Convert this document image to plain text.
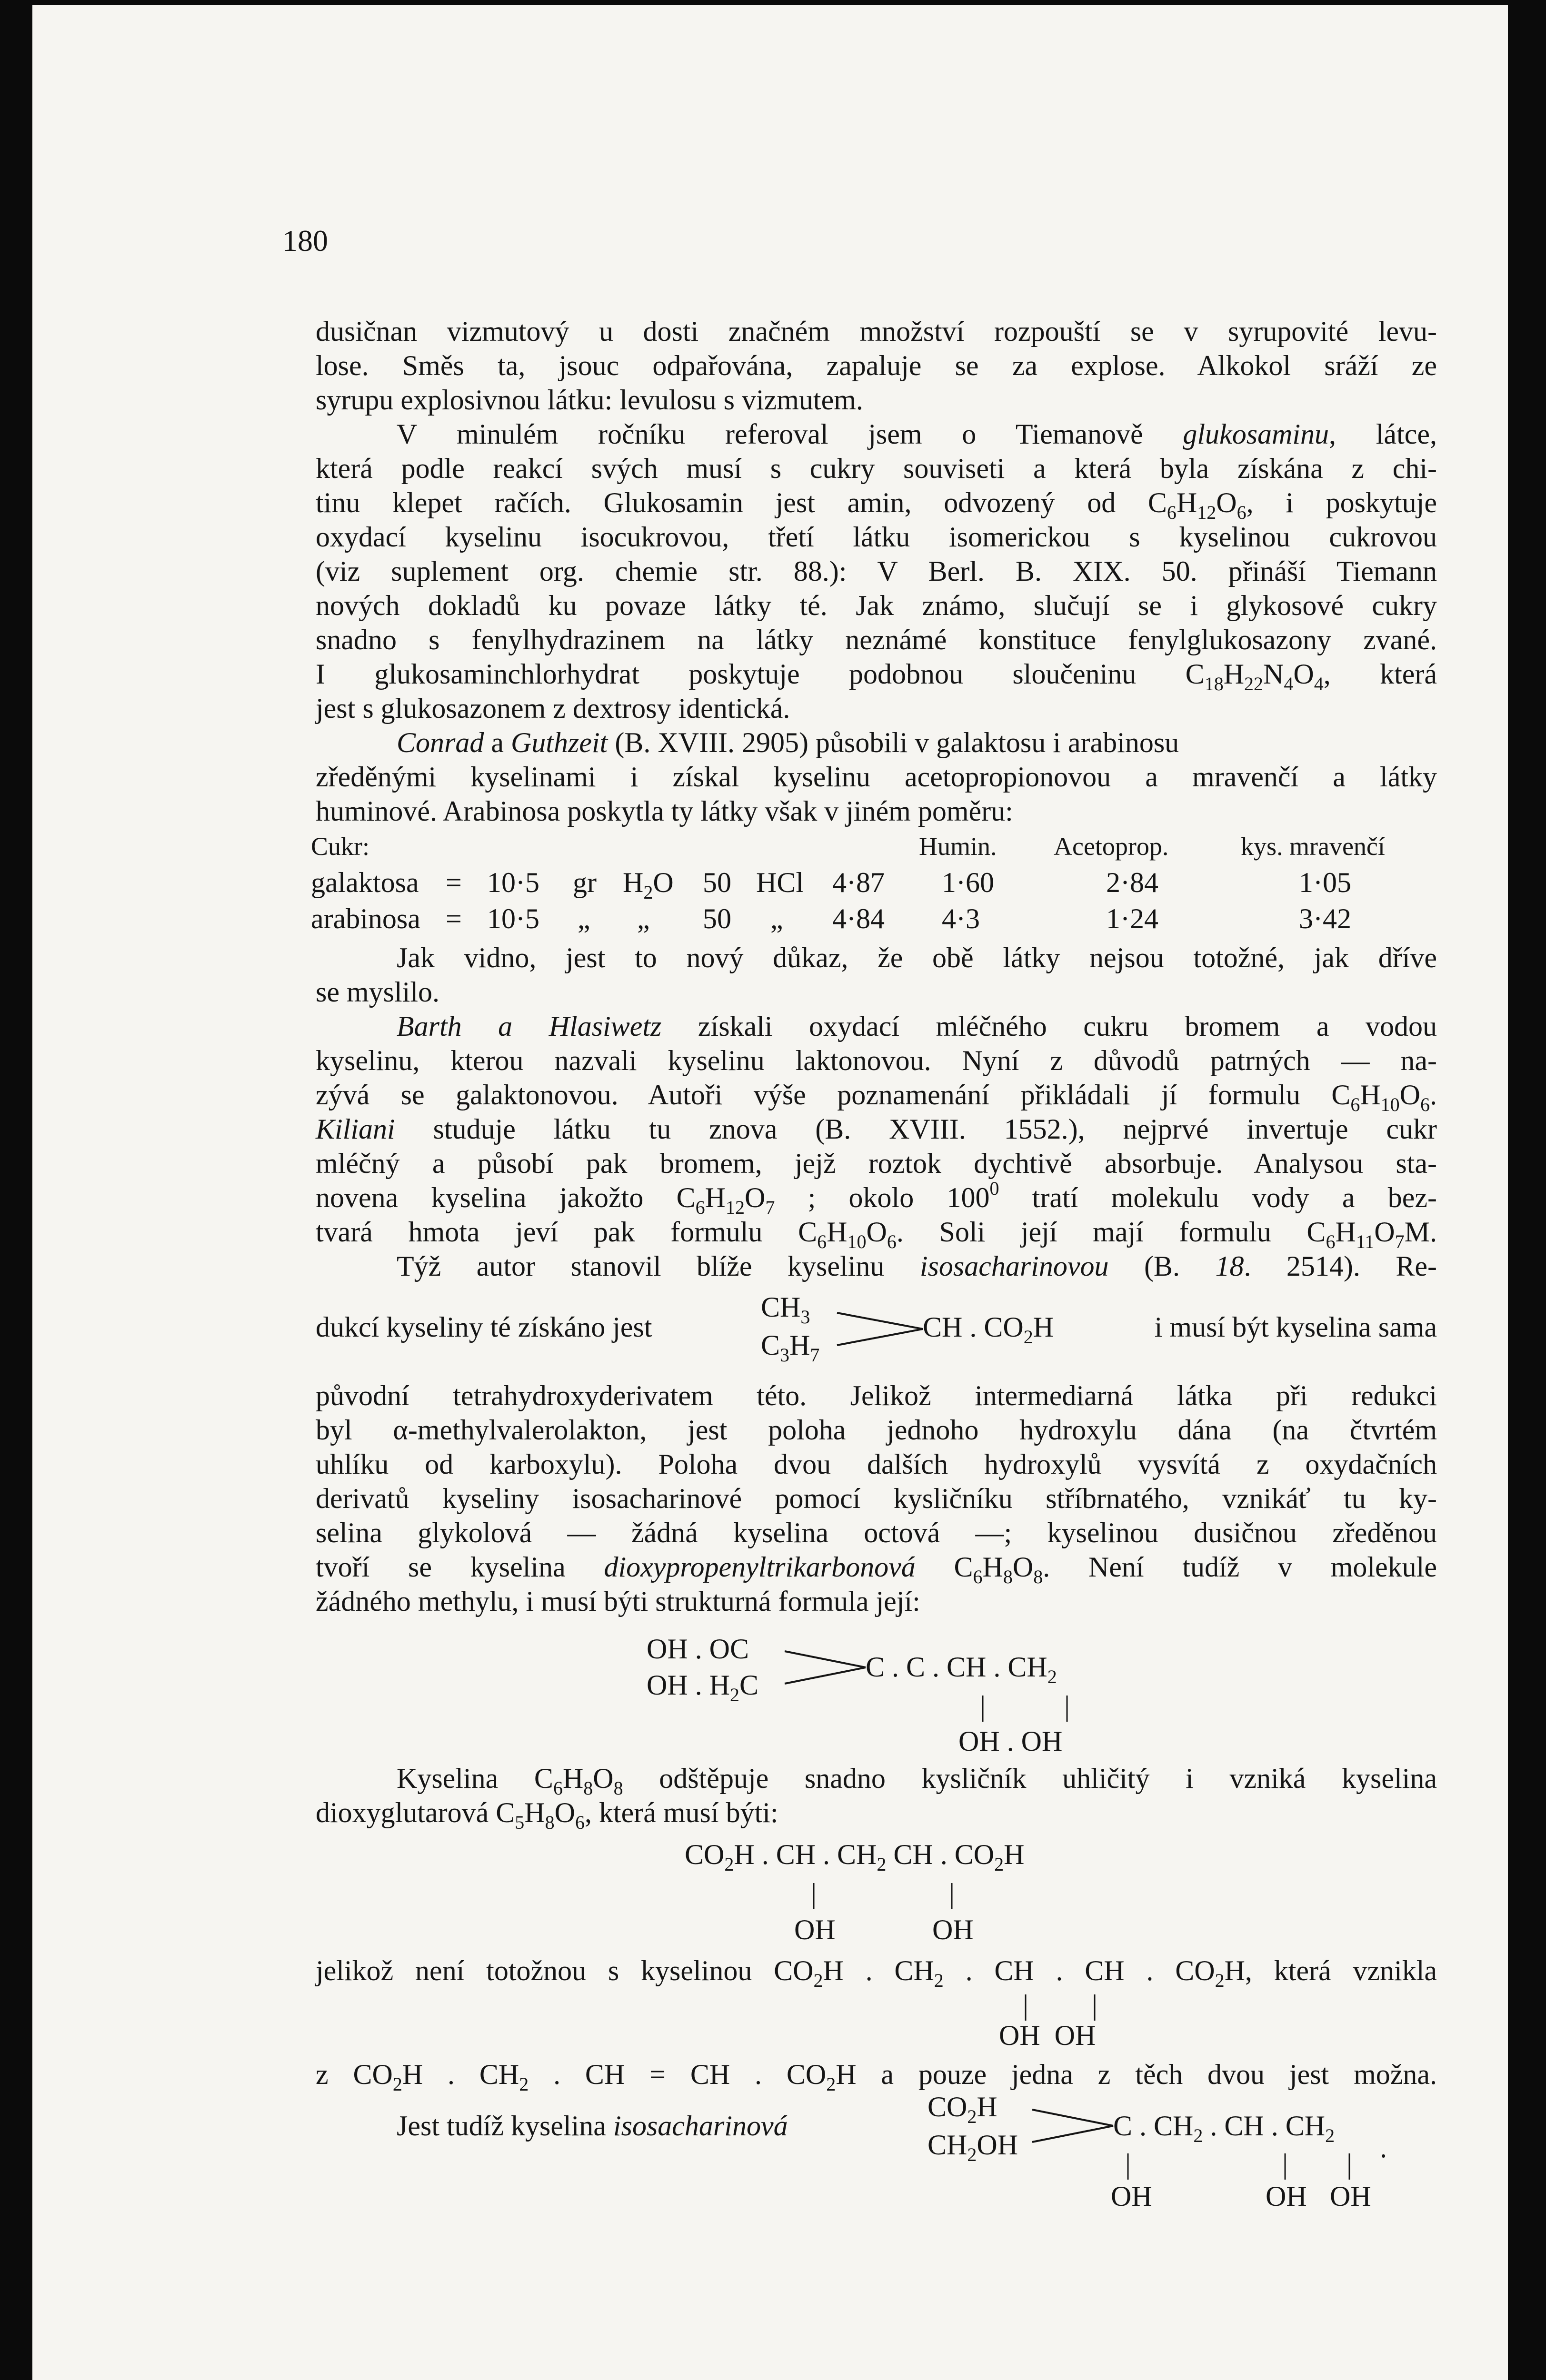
180
dusičnan vizmutový u dosti značném množství rozpouští se v syrupovité levu-
lose. Směs ta, jsouc odpařována, zapaluje se za explose. Alkokol sráží ze
syrupu explosivnou látku: levulosu s vizmutem.
V minulém ročníku referoval jsem o Tiemanově glukosaminu, látce,
která podle reakcí svých musí s cukry souviseti a která byla získána z chi-
tinu klepet račích. Glukosamin jest amin, odvozený od $C_6H_{12}O_6$, i poskytuje
oxydací kyselinu isocukrovou, třetí látku isomerickou s kyselinou cukrovou
(viz suplement org. chemie str. 88.): V Berl. B. XIX. 50. přináší Tiemann
nových dokladů ku povaze látky té. Jak známo, slučují se i glykosové cukry
snadno s fenylhydrazinem na látky neznámé konstituce fenylglukosazony zvané.
I glukosaminchlorhydrat poskytuje podobnou sloučeninu $C_{18}H_{22}N_4O_4$, která
jest s glukosazonem z dextrosy identická.
Conrad a Guthzeit (B. XVIII. 2905) působili v galaktosu i arabinosu
zředěnými kyselinami i získal kyselinu acetopropionovou a mravenčí a látky
huminové. Arabinosa poskytla ty látky však v jiném poměru:
Cukr:	Humin. Acetoprop.	kys. mravenčí
galaktosa = 10·5 gr $H_2O$ 50 HCl 4·87 1·60	2·84	1·05
arabinosa = 10·5 „ „ 50 „ 4·84 4·3	1·24	3·42
Jak vidno, jest to nový důkaz, že obě látky nejsou totožné, jak dříve
se myslilo.
Barth a Hlasiwetz získali oxydací mléčného cukru bromem a vodou
kyselinu, kterou nazvali kyselinu laktonovou. Nyní z důvodů patrných — na-
zývá se galaktonovou. Autoři výše poznamenání přikládali jí formulu $C_6H_{10}O_6$.
Kiliani studuje látku tu znova (B. XVIII. 1552.), nejprvé invertuje cukr
mléčný a působí pak bromem, jejž roztok dychtivě absorbuje. Analysou sta-
novena kyselina jakožto $C_6H_{12}O_7$ ; okolo $100^0$ tratí molekulu vody a bez-
tvará hmota jeví pak formulu $C_6H_{10}O_6$. Soli její mají formulu $C_6H_{11}O_7M$.
Týž autor stanovil blíže kyselinu isosacharinovou (B. 18. 2514). Re-
dukcí kyseliny té získáno jest
$CH_3$
$C_3H_7$
CH . $CO_2H$	i musí být kyselina sama
původní tetrahydroxyderivatem této. Jelikož intermediarná látka při redukci
byl α-methylvalerolakton, jest poloha jednoho hydroxylu dána (na čtvrtém
uhlíku od karboxylu). Poloha dvou dalších hydroxylů vysvítá z oxydačních
derivatů kyseliny isosacharinové pomocí kysličníku stříbrnatého, vznikáť tu ky-
selina glykolová — žádná kyselina octová —; kyselinou dusičnou zředěnou
tvoří se kyselina dioxypropenyltrikarbonová $C_6H_8O_8$. Není tudíž v molekule
žádného methylu, i musí býti strukturná formula její:
OH . OC
OH . $H_2C$
C . C . CH . $CH_2$
|	|
OH . OH
Kyselina $C_6H_8O_8$ odštěpuje snadno kysličník uhličitý i vzniká kyselina
dioxyglutarová $C_5H_8O_6$, která musí býti:
$CO_2H$ . CH . $CH_2$ CH . $CO_2H$
|	|
OH	OH
jelikož není totožnou s kyselinou $CO_2H$ . $CH_2$ . CH . CH . $CO_2H$, která vznikla
| |
OH  OH
z $CO_2H$ . $CH_2$ . CH = CH . $CO_2H$ a pouze jedna z těch dvou jest možna.
Jest tudíž kyselina isosacharinová
$CO_2H$
$CH_2OH$
C . $CH_2$ . CH . $CH_2$ .
|	| |
OH	OH OH
